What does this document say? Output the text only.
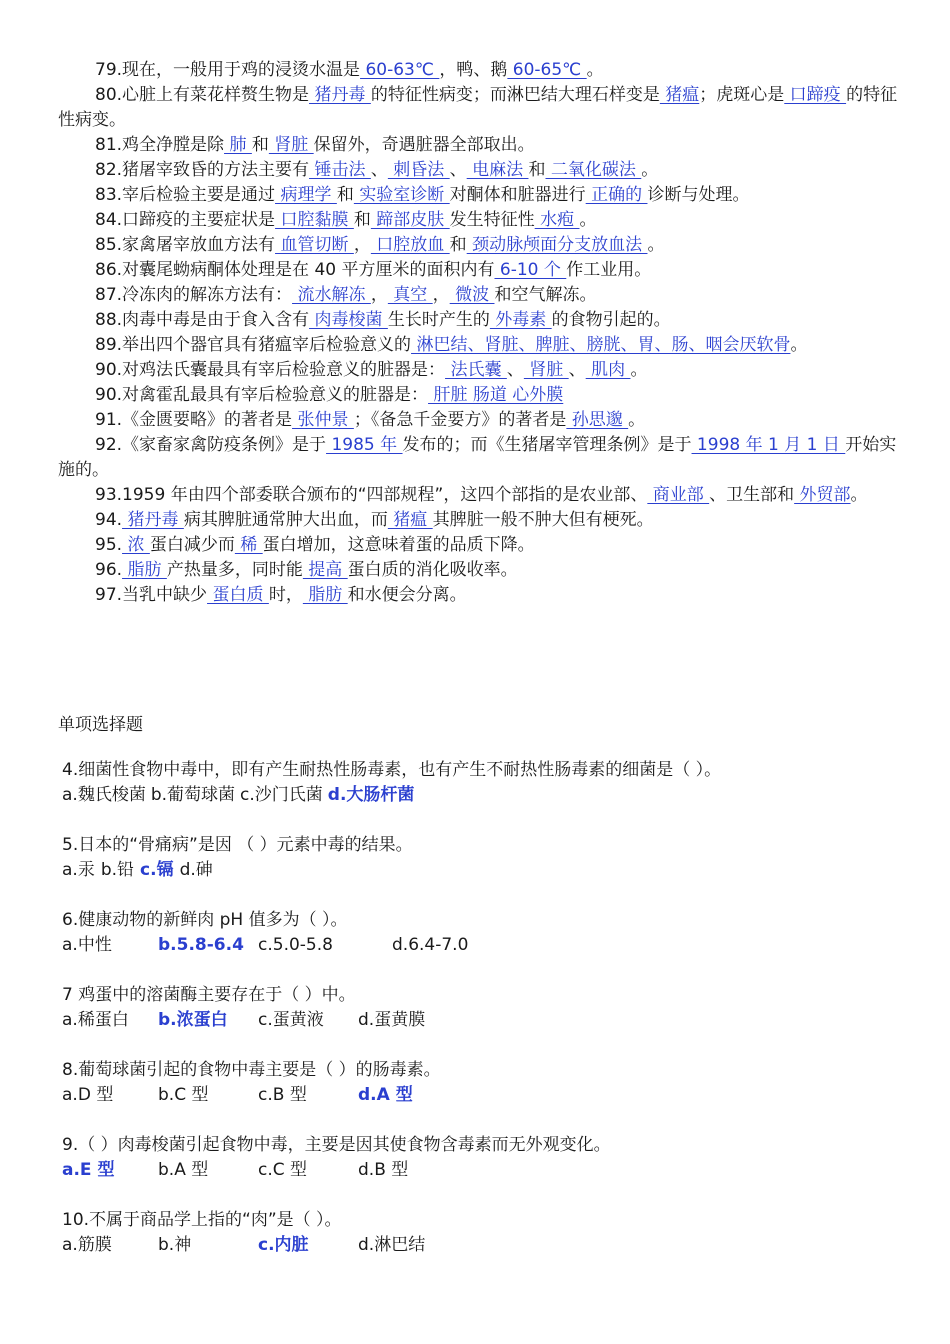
79.现在，一般用于鸡的浸烫水温是 60-63℃ ，鸭、鹅 60-65℃ 。

80.心脏上有菜花样赘生物是 猪丹毒 的特征性病变；而淋巴结大理石样变是 猪瘟；虎斑心是 口蹄疫 的特征性病变。

81.鸡全净膛是除 肺 和 肾脏 保留外，奇遇脏器全部取出。

82.猪屠宰致昏的方法主要有 锤击法 、 刺昏法 、 电麻法 和 二氧化碳法 。

83.宰后检验主要是通过 病理学 和 实验室诊断 对酮体和脏器进行 正确的 诊断与处理。

84.口蹄疫的主要症状是 口腔黏膜 和 蹄部皮肤 发生特征性 水疱 。

85.家禽屠宰放血方法有 血管切断 ， 口腔放血 和 颈动脉颅面分支放血法 。

86.对囊尾蚴病酮体处理是在 40 平方厘米的面积内有 6-10 个 作工业用。

87.冷冻肉的解冻方法有： 流水解冻 ， 真空 ， 微波 和空气解冻。

88.肉毒中毒是由于食入含有 肉毒梭菌 生长时产生的 外毒素 的食物引起的。

89.举出四个器官具有猪瘟宰后检验意义的 淋巴结、肾脏、脾脏、膀胱、胃、肠、咽会厌软骨。

90.对鸡法氏囊最具有宰后检验意义的脏器是： 法氏囊 、 肾脏 、 肌肉 。

90.对禽霍乱最具有宰后检验意义的脏器是： 肝脏 肠道 心外膜

91.《金匮要略》的著者是 张仲景 ；《备急千金要方》的著者是 孙思邈 。

92.《家畜家禽防疫条例》是于 1985 年 发布的；而《生猪屠宰管理条例》是于 1998 年 1 月 1 日 开始实施的。

93.1959 年由四个部委联合颁布的“四部规程”，这四个部指的是农业部、 商业部 、卫生部和 外贸部。

94. 猪丹毒 病其脾脏通常肿大出血，而 猪瘟 其脾脏一般不肿大但有梗死。

95. 浓 蛋白减少而 稀 蛋白增加，这意味着蛋的品质下降。

96. 脂肪 产热量多，同时能 提高 蛋白质的消化吸收率。

97.当乳中缺少 蛋白质 时， 脂肪 和水便会分离。

单项选择题
4.细菌性食物中毒中，即有产生耐热性肠毒素，也有产生不耐热性肠毒素的细菌是（ ）。
a.魏氏梭菌 b.葡萄球菌 c.沙门氏菌 d.大肠杆菌
5.日本的“骨痛病”是因 （ ）元素中毒的结果。
a.汞 b.铅 c.镉 d.砷
6.健康动物的新鲜肉 pH 值多为（ ）。
a.中性	b.5.8-6.4 c.5.0-5.8	d.6.4-7.0
7 鸡蛋中的溶菌酶主要存在于（ ）中。
a.稀蛋白 b.浓蛋白 c.蛋黄液 d.蛋黄膜
8.葡萄球菌引起的食物中毒主要是（ ）的肠毒素。
a.D 型	b.C 型	c.B 型	d.A 型
9.（ ）肉毒梭菌引起食物中毒，主要是因其使食物含毒素而无外观变化。
a.E 型	b.A 型	c.C 型	d.B 型
10.不属于商品学上指的“肉”是（ ）。
a.筋膜	b.神	c.内脏	d.淋巴结
